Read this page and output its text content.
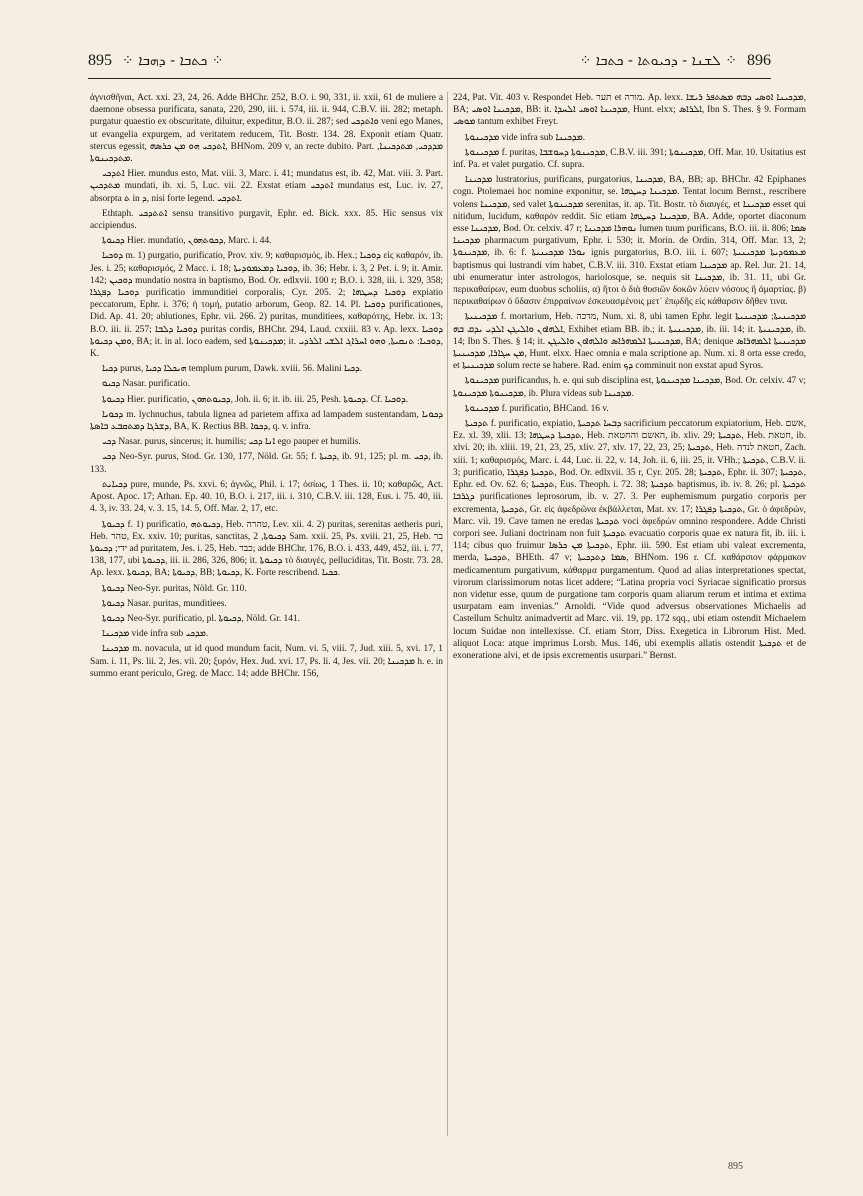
895 ⁘ ܟܬܒܐ - ܕܗܒܐ ⁘	⁘ ܠܫܢܐ - ܕܟܝܘܬܐ - ܟܬܒܐ ⁘ 896

ἁγνισθῆναι, Act. xxi. 23, 24, 26. Adde BHChr. 252, B.O. i. 90, 331, ii. xxii, 61 de muliere a daemone obsessa purificata, sanata, 220, 290, iii. i. 574, iii. ii. 944, C.B.V. iii. 282; metaph. purgatur quaestio ex obscuritate, diluitur, expeditur, B.O. ii. 287; sed ܘܐܬܕܟܝ veni ego Manes, ut evangelia expurgem, ad veritatem reducem, Tit. Bostr. 134. 28. Exponit etiam Quatr. stercus egessit, ܐܬܕܟܝ ܗܘ ܡܢ ܟܪܣܗ, BHNom. 209 v, an recte dubito. Part. ܡܕܕܟܝ, ܡܬܕܟܝܢܐ, ܡܬܕܟܝܢܘܬܐ.

ܐܬܕܟܝ Hier. mundus esto, Mat. viii. 3, Marc. i. 41; mundatus est, ib. 42, Mat. viii. 3. Part. ܡܬܕܟܝܢ mundati, ib. xi. 5, Luc. vii. 22. Exstat etiam ܐܬܕܟܝ mundatus est, Luc. iv. 27, absorpta ܬ in ܕ, nisi forte legend. ܐܬܕܟܝ.

Ethtaph. ܐܬܬܕܟܝ sensu transitivo purgavit, Ephr. ed. Bick. xxx. 85. Hic sensus vix accipiendus.

ܕܟܝܘܬܐ Hier. mundatio, ܕܟܘܬܗܘܢ, Marc. i. 44.

ܕܘܟܝܐ m. 1) purgatio, purificatio, Prov. xiv. 9; καθαρισμός, ib. Hex.; ܕܘܟܝܐ εἰς καθαρόν, ib. Jes. i. 25; καθαρισμός, 2 Macc. i. 18; ܕܘܟܝܐ ܕܡܥܡܘܕܝܬܐ, ib. 36; Hebr. i. 3, 2 Pet. i. 9; it. Amir. 142; ܕܘܟܝܢ mundatio nostra in baptismo, Bod. Or. edlxvii. 100 r; B.O. i. 328, iii. i. 329, 358; ܕܘܟܝܐ ܕܦܓܪܐ purificatio immunditiei corporalis, Cyr. 205. 2; ܕܘܟܝܐ ܕܚܛܗܐ expiatio peccatorum, Ephr. i. 376; ἡ τομή, putatio arborum, Geop. 82. 14. Pl. ܕܘܟܝܐ purificationes, Did. Ap. 41. 20; ablutiones, Ephr. vii. 266. 2) puritas, munditiees, καθαρότης, Hebr. ix. 13; B.O. iii. ii. 257; ܕܘܟܝܐ ܕܠܒܐ puritas cordis, BHChr. 294, Laud. cxxiii. 83 v. Ap. lexx. ܕܘܟܝܐ ܘܡܢ ܕܟܝܘܬܐ, BA; it. in al. loco eadem, sed ܡܕܟܝܢܘܬܐ; it. ܕܘܟܝܐ: ܬܢܩܝܬܐ, ܘܗܘ ܐܚܪܐܓ ܐܠܫܝ ܐܠܪܕܝ, K.

ܕܟܝܐ purus, ܗܝܟܠܐ ܕܟܝܐ templum purum, Dawk. xviii. 56. Malini ܕܟܝܐ.

ܕܟܝܘ Nasar. purificatio.

ܕܟܝܘܬܐ Hier. purificatio, ܕܟܝܘܬܗܘܢ, Joh. ii. 6; it. ib. iii. 25, Pesh. ܕܟܝܘܬܐ. Cf. ܕܘܟܝܐ.

ܕܟܘܝܐ m. lychnuchus, tabula lignea ad parietem affixa ad lampadem sustentandam, ܕܟܘܝܐ ܕܫܪܓܐ ܕܡܬܩܒܥ ܒܐܣܬܐ, BA, K. Rectius BB. ܕܟܘܐ, q. v. infra.

ܕܟܝ Nasar. purus, sincerus; it. humilis; ܐܢܐ ܕܟܝ ego pauper et humilis.

ܕܟܝ Neo-Syr. purus, Stod. Gr. 130, 177, Nöld. Gr. 55; f. ܕܟܝܬܐ, ib. 91, 125; pl. m. ܕܟܝ, ib. 133.

ܕܟܝܐܝܬ pure, munde, Ps. xxvi. 6; ἁγνῶς, Phil. i. 17; ὁσίως, 1 Thes. ii. 10; καθαρῶς, Act. Apost. Apoc. 17; Athan. Ep. 40. 10, B.O. i. 217, iii. i. 310, C.B.V. iii. 128, Eus. i. 75. 40, iii. 4. 3, iv. 33. 24, v. 3. 15, 14. 5, Off. Mar. 2, 17, etc.

ܕܟܝܘܬܐ f. 1) purificatio, ܕܟܝܘܬܗ, Heb. טהרה, Lev. xii. 4. 2) puritas, serenitas aetheris puri, Heb. טהר, Ex. xxiv. 10; puritas, sanctitas, ܕܟܝܘܬܐ, 2 Sam. xxii. 25, Ps. xviii. 21, 25, Heb. בר ידי; ܕܟܝܘܬܐ ad puritatem, Jes. i. 25, Heb. כבר; adde BHChr. 176, B.O. i. 433, 449, 452, iii. i. 77, 138, 177, ubi ܕܟܝܘܬܐ, iii. ii. 286, 326, 806; it. ܕܟܝܘܬܐ τὸ διαυγές, pelluciditas, Tit. Bostr. 73. 28. Ap. lexx. ܕܟܝܘܬܐ, BA; ܕܟܝܘܬܐ, BB; ܕܟܝܘܬܐ, K. Forte rescribend. ܟܟܝܐ.

ܕܟܝܘܬܐ Neo-Syr. puritas, Nöld. Gr. 110.

ܕܟܝܘܬܐ Nasar. puritas, munditiees.

ܕܟܝܘܬܐ Neo-Syr. purificatio, pl. ܕܟܝܘܬܐ, Nöld. Gr. 141.

ܡܕܟܝܢܐ vide infra sub ܡܕܟܝ.

ܡܕܟܝܢܐ m. novacula, ut id quod mundum facit, Num. vi. 5, viii. 7, Jud. xiii. 5, xvi. 17, 1 Sam. i. 11, Ps. lii. 2, Jes. vii. 20; ξυρόν, Hex. Jud. xvi. 17, Ps. li. 4, Jes. vii. 20; ܡܕܟܝܢܐ h. e. in summo erant periculo, Greg. de Macc. 14; adde BHChr. 156,

224, Pat. Vit. 403 v. Respondet Heb. תער et מורה. Ap. lexx. ܡܕܟܝܢܐ ܐܘܣܝ ܕܒܗ ܡܣܬܦܪ ܪܝܫܐ, BA; ܡܕܟܝܢܐ ܐܘܣܝ, BB: it. ܡܕܟܝܢܐ ܐܘܣܝ ܐܠܚܕܐ, Hunt. elxx; ܐܠܪܐܣ, Ibn S. Thes. § 9. Formam ܡܘܣܝ tantum exhibet Freyt.

ܡܕܟܝܢܘܬܐ vide infra sub ܡܕܟܝܢܐ.

ܡܕܟܝܢܘܬܐ f. puritas, ܡܕܟܝܢܘܬܐ ܕܚܘܫܒܐ, C.B.V. iii. 391; ܡܕܟܝܢܘܬܐ, Off. Mar. 10. Usitatius est inf. Pa. et valet purgatio. Cf. supra.

ܡܕܟܝܢܐ lustratorius, purificans, purgatorius, ܡܕܟܝܢܐ, BA, BB; ap. BHChr. 42 Epiphanes cogn. Ptolemaei hoc nomine exponitur, se. ܡܕܟܝܢܐ ܕܚܛܗܐ. Tentat locum Bernst., rescribere volens ܡܕܟܝܢܐ, sed valet ܡܕܟܝܢܘܬܐ serenitas, it. ap. Tit. Bostr. τὸ διαυγές, et ܡܕܟܝܢܐ esset qui nitidum, lucidum, καθαρὸν reddit. Sic etiam ܡܕܟܝܢܐ ܕܚܛܗܐ, BA. Adde, oportet diaconum esse ܡܕܟܝܢܐ, Bod. Or. celxiv. 47 r; ܢܘܗܪܐ ܡܕܟܝܢܐ lumen tuum purificans, B.O. iii. ii. 806; ܣܡܐ ܡܕܟܝܢܐ pharmacum purgativum, Ephr. i. 530; it. Morin. de Ordin. 314, Off. Mar. 13, 2; ܡܕܟܝܢܘܬܐ, ib. 6: f. ܢܘܪܐ ܡܕܟܝܢܝܬܐ ignis purgatorius, B.O. iii. i. 607; ܡܥܡܘܕܝܬܐ ܡܕܟܝܢܝܬܐ baptismus qui lustrandi vim habet, C.B.V. iii. 310. Exstat etiam ܡܕܟܝܢܐ ap. Rel. Jur. 21. 14, ubi enumeratur inter astrologos, hariolosque, se. nequis sit ܡܕܟܝܢܐ, ib. 31. 11, ubi Gr. περικαθαίρων, eum duobus scholiis, α) ἤτοι ὁ διὰ θυσιῶν δοκῶν λύειν νόσους ἢ ἁμαρτίας. β) περικαθαίρων ὁ ὕδασιν ἐπιρραίνων ἐσκευασμένοις μετ᾽ ἐπῳδῆς εἰς κάθαρσιν δῆθεν τινα.

ܡܕܟܝܢܝܬܐ f. mortarium, Heb. מדכה, Num. xi. 8, ubi tamen Ephr. legit ܡܕܟܝܢܝܬܐ; ܡܕܟܝܢܝܬܐ ܐܠܗܐܘܢ ܘܐܠܝܓܢ ܐܠܕܝ ܝܕܩ ܒܗ, Exhibet etiam BB. ib.; it. ܡܕܟܝܢܝܬܐ, ib. iii. 14; it. ܡܕܟܝܢܝܬܐ, ib. 14; Ibn S. Thes. § 14; it. ܡܕܟܝܢܝܬܐ ܐܠܡܗܪܐܣ ܘܐܠܗܐܘܢ ܘܐܠܝܓܢ, BA; denique ܡܕܟܝܢܝܬܐ ܐܠܡܗܪܐܣ ܡܢ ܚܓܐܪܐ, ܡܕܟܝܢܝܬܐ, Hunt. elxx. Haec omnia e mala scriptione ap. Num. xi. 8 orta esse credo, et ܡܕܟܝܢܝܬܐ solum recte se habere. Rad. enim ܕܟ comminuit non exstat apud Syros.

ܡܕܟܝܢܘܬܐ purificandus, h. e. qui sub disciplina est, ܡܕܟܝܢܐ ܡܕܟܝܢܘܬܐ, Bod. Or. celxiv. 47 v; ܡܕܟܝܢܘܬܐ ܡܕܟܝܢܘܬܐ, ib. Plura videas sub ܡܕܟܝܢܐ.

ܡܕܟܝܢܘܬܐ f. purificatio, BHCand. 16 v.

ܬܕܟܝܬܐ f. purificatio, expiatio, ܕܒܚܐ ܬܕܟܝܬܐ sacrificium peccatorum expiatorium, Heb. אשם, Ez. xl. 39, xlii. 13; ܬܕܟܝܬܐ ܕܚܛܗܐ, Heb. האשם והחטאת, ib. xliv. 29; ܬܕܟܝܬܐ, Heb. חטאת, ib. xlvi. 20; ib. xliii. 19, 21, 23, 25, xliv. 27, xlv. 17, 22, 23, 25; ܬܕܟܝܬܐ, Heb. חטאת לנדה, Zach. xiii. 1; καθαρισμός, Marc. i. 44, Luc. ii. 22, v. 14, Joh. ii. 6, iii. 25, it. VHh.; ܬܕܟܝܬܐ, C.B.V. ii. 3; purificatio, ܬܕܟܝܬܐ ܕܦܓܪܐ, Bod. Or. edlxvii. 35 r, Cyr. 205. 28; ܬܕܟܝܬܐ, Ephr. ii. 307; ܬܕܟܝܬܐ, Ephr. ed. Ov. 62. 6; ܬܕܟܝܬܐ, Eus. Theoph. i. 72. 38; ܬܕܟܝܬܐ baptismus, ib. iv. 8. 26; pl. ܬܕܟܝܬܐ ܕܓܪܒܐ purificationes leprosorum, ib. v. 27. 3. Per euphemismum purgatio corporis per excrementa, ܬܕܟܝܬܐ, Gr. εἰς ἀφεδρῶνα ἐκβάλλεται, Mat. xv. 17; ܬܕܟܝܬܐ ܕܦܓܪܐ, Gr. ὁ ἀφεδρών, Marc. vii. 19. Cave tamen ne eredas ܬܕܟܝܬܐ voci ἀφεδρών omnino respondere. Adde Christi corpori see. Juliani doctrinam non fuit ܬܕܟܝܬܐ evacuatio corporis quae ex natura fit, ib. iii. i. 114; cibus quo fruimur ܬܕܟܝܬܐ ܡܢ ܟܪܣܐ, Ephr. iii. 590. Est etiam ubi valeat excrementa, merda, ܬܕܟܝܬܐ, BHEth. 47 v; ܣܡܐ ܕܬܕܟܝܬܐ, BHNom. 196 r. Cf. καθάρσιον φάρμακον medicamentum purgativum, κάθαρμα purgamentum. Quod ad alias interpretationes spectat, virorum clarissimorum notas licet addere; “Latina propria voci Syriacae significatio prorsus non videtur esse, quum de purgatione tam corporis quam aliarum rerum et intima et extima usurpatam eam invenias.” Arnoldi. “Vide quod adversus observationes Michaelis ad Castellum Schultz animadvertit ad Marc. vii. 19, pp. 172 sqq., ubi etiam ostendit Michaelem locum Suidae non intellexisse. Cf. etiam Storr, Diss. Exegetica in Librorum Hist. Med. aliquot Loca: atque imprimus Lorsb. Mus. 146, ubi exemplis allatis ostendit ܬܕܟܝܬܐ et de exoneratione alvi, et de ipsis excrementis usurpari.” Bernst.

895
